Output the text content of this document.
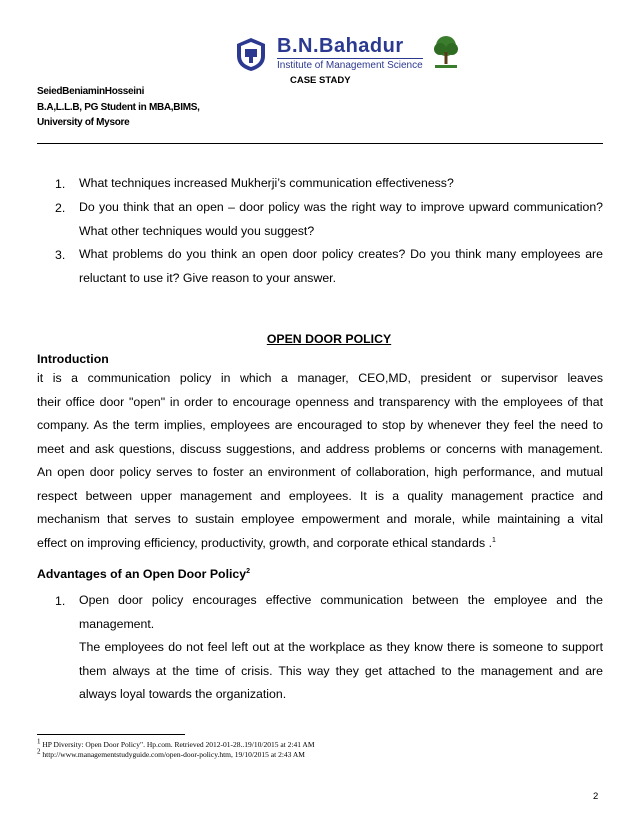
B.N.Bahadur
Institute of Management Science
CASE STADY
SeiedBeniaminHosseini
B.A,L.L.B, PG Student in MBA,BIMS,
University of Mysore
1. What techniques increased Mukherji’s communication effectiveness?
2. Do you think that an open – door policy was the right way to improve upward communication?
What other techniques would you suggest?
3. What problems do you think an open door policy creates? Do you think many employees are
reluctant to use it? Give reason to your answer.
OPEN DOOR POLICY
Introduction
it is a communication policy in which a manager, CEO,MD, president or supervisor leaves
their office door "open" in order to encourage openness and transparency with the employees of that
company. As the term implies, employees are encouraged to stop by whenever they feel the need to
meet and ask questions, discuss suggestions, and address problems or concerns with management.
An open door policy serves to foster an environment of collaboration, high performance, and mutual
respect between upper management and employees. It is a quality management practice and
mechanism that serves to sustain employee empowerment and morale, while maintaining a vital
effect on improving efficiency, productivity, growth, and corporate ethical standards .$^1$
Advantages of an Open Door Policy$^2$
1. Open door policy encourages effective communication between the employee and the
management.
The employees do not feel left out at the workplace as they know there is someone to support
them always at the time of crisis. This way they get attached to the management and are
always loyal towards the organization.
$^1$ HP Diversity: Open Door Policy". Hp.com. Retrieved 2012-01-28..19/10/2015 at 2:41 AM
$^2$ http://www.managementstudyguide.com/open-door-policy.htm, 19/10/2015 at 2:43 AM
2
